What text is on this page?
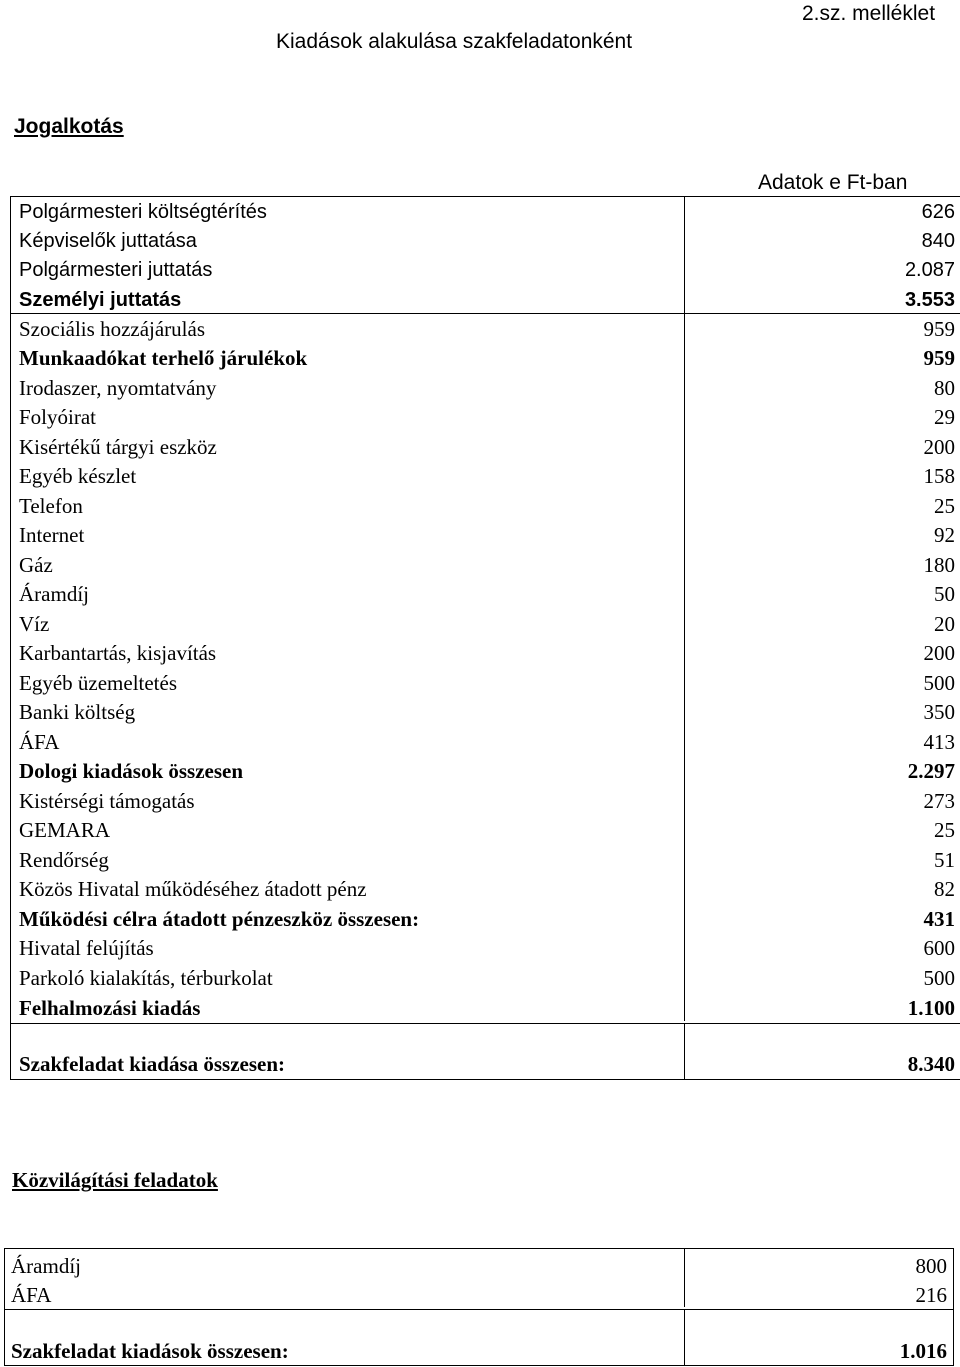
2.sz. melléklet
Kiadások alakulása szakfeladatonként
Jogalkotás
Adatok e Ft-ban
Polgármesteri költségtérítés	626
Képviselők juttatása	840
Polgármesteri juttatás	2.087
Személyi juttatás	3.553
Szociális hozzájárulás	959
Munkaadókat terhelő járulékok	959
Irodaszer, nyomtatvány	80
Folyóirat	29
Kisértékű tárgyi eszköz	200
Egyéb készlet	158
Telefon	25
Internet	92
Gáz	180
Áramdíj	50
Víz	20
Karbantartás, kisjavítás	200
Egyéb üzemeltetés	500
Banki költség	350
ÁFA	413
Dologi kiadások összesen	2.297
Kistérségi támogatás	273
GEMARA	25
Rendőrség	51
Közös Hivatal működéséhez átadott pénz	82
Működési célra átadott pénzeszköz összesen:	431
Hivatal felújítás	600
Parkoló kialakítás, térburkolat	500
Felhalmozási kiadás	1.100
Szakfeladat kiadása összesen:	8.340
Közvilágítási feladatok
Áramdíj	800
ÁFA	216
Szakfeladat kiadások összesen:	1.016
